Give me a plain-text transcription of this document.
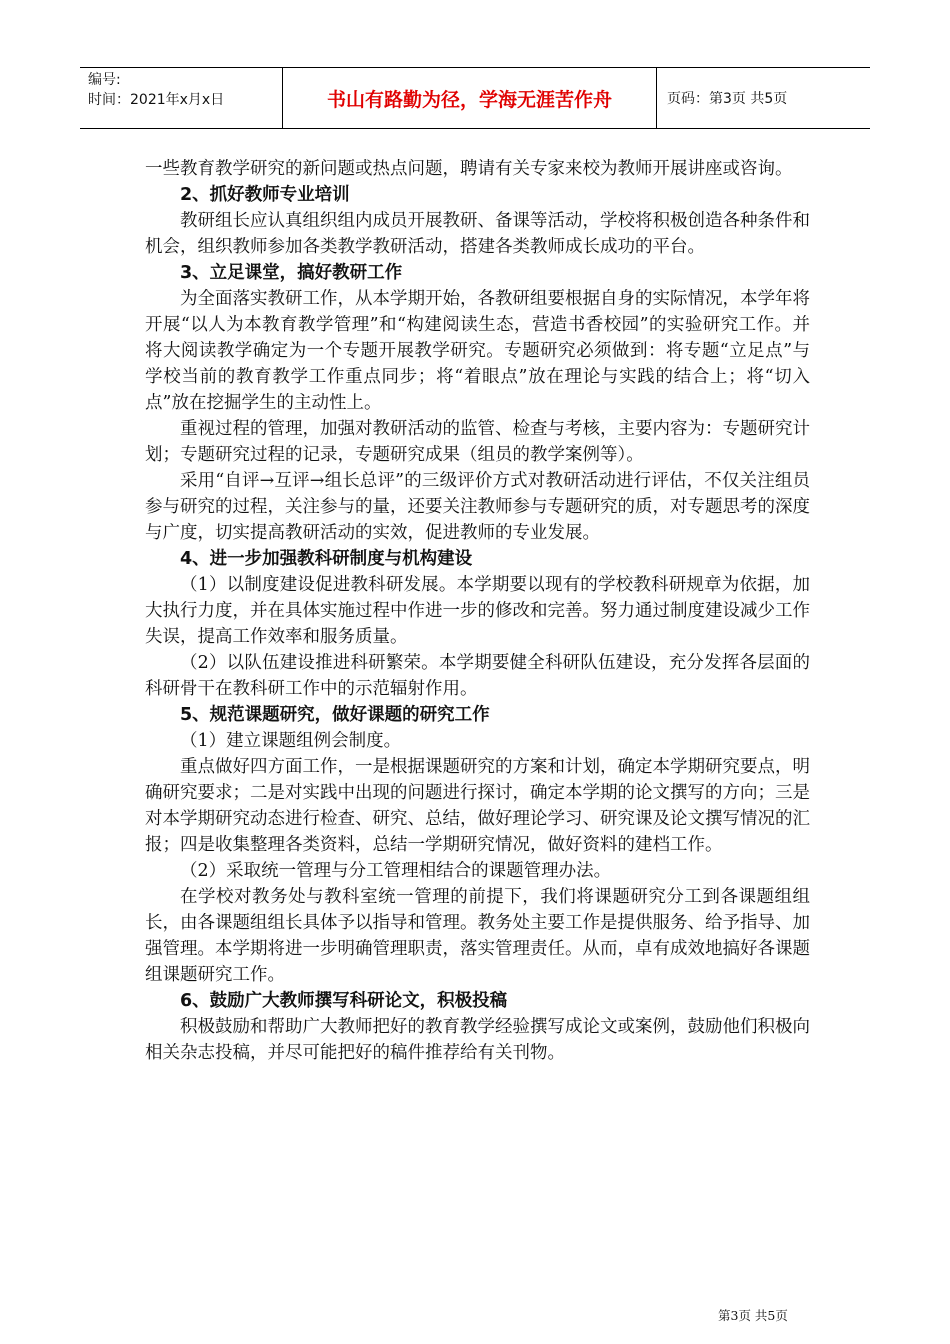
编号:
时间：2021年x月x日	书山有路勤为径，学海无涯苦作舟	页码：第3页 共5页

一些教育教学研究的新问题或热点问题，聘请有关专家来校为教师开展讲座或咨询。

2、抓好教师专业培训

教研组长应认真组织组内成员开展教研、备课等活动，学校将积极创造各种条件和机会，组织教师参加各类教学教研活动，搭建各类教师成长成功的平台。

3、立足课堂，搞好教研工作

为全面落实教研工作，从本学期开始，各教研组要根据自身的实际情况，本学年将开展“以人为本教育教学管理”和“构建阅读生态，营造书香校园”的实验研究工作。并将大阅读教学确定为一个专题开展教学研究。专题研究必须做到：将专题“立足点”与学校当前的教育教学工作重点同步；将“着眼点”放在理论与实践的结合上；将“切入点”放在挖掘学生的主动性上。

重视过程的管理，加强对教研活动的监管、检查与考核，主要内容为：专题研究计划；专题研究过程的记录，专题研究成果（组员的教学案例等）。

采用“自评→互评→组长总评”的三级评价方式对教研活动进行评估，不仅关注组员参与研究的过程，关注参与的量，还要关注教师参与专题研究的质，对专题思考的深度与广度，切实提高教研活动的实效，促进教师的专业发展。

4、进一步加强教科研制度与机构建设

（1）以制度建设促进教科研发展。本学期要以现有的学校教科研规章为依据，加大执行力度，并在具体实施过程中作进一步的修改和完善。努力通过制度建设减少工作失误，提高工作效率和服务质量。

（2）以队伍建设推进科研繁荣。本学期要健全科研队伍建设，充分发挥各层面的科研骨干在教科研工作中的示范辐射作用。

5、规范课题研究，做好课题的研究工作

（1）建立课题组例会制度。

重点做好四方面工作，一是根据课题研究的方案和计划，确定本学期研究要点，明确研究要求；二是对实践中出现的问题进行探讨，确定本学期的论文撰写的方向；三是对本学期研究动态进行检查、研究、总结，做好理论学习、研究课及论文撰写情况的汇报；四是收集整理各类资料，总结一学期研究情况，做好资料的建档工作。

（2）采取统一管理与分工管理相结合的课题管理办法。

在学校对教务处与教科室统一管理的前提下，我们将课题研究分工到各课题组组长，由各课题组组长具体予以指导和管理。教务处主要工作是提供服务、给予指导、加强管理。本学期将进一步明确管理职责，落实管理责任。从而，卓有成效地搞好各课题组课题研究工作。

6、鼓励广大教师撰写科研论文，积极投稿

积极鼓励和帮助广大教师把好的教育教学经验撰写成论文或案例，鼓励他们积极向相关杂志投稿，并尽可能把好的稿件推荐给有关刊物。

第3页 共5页
